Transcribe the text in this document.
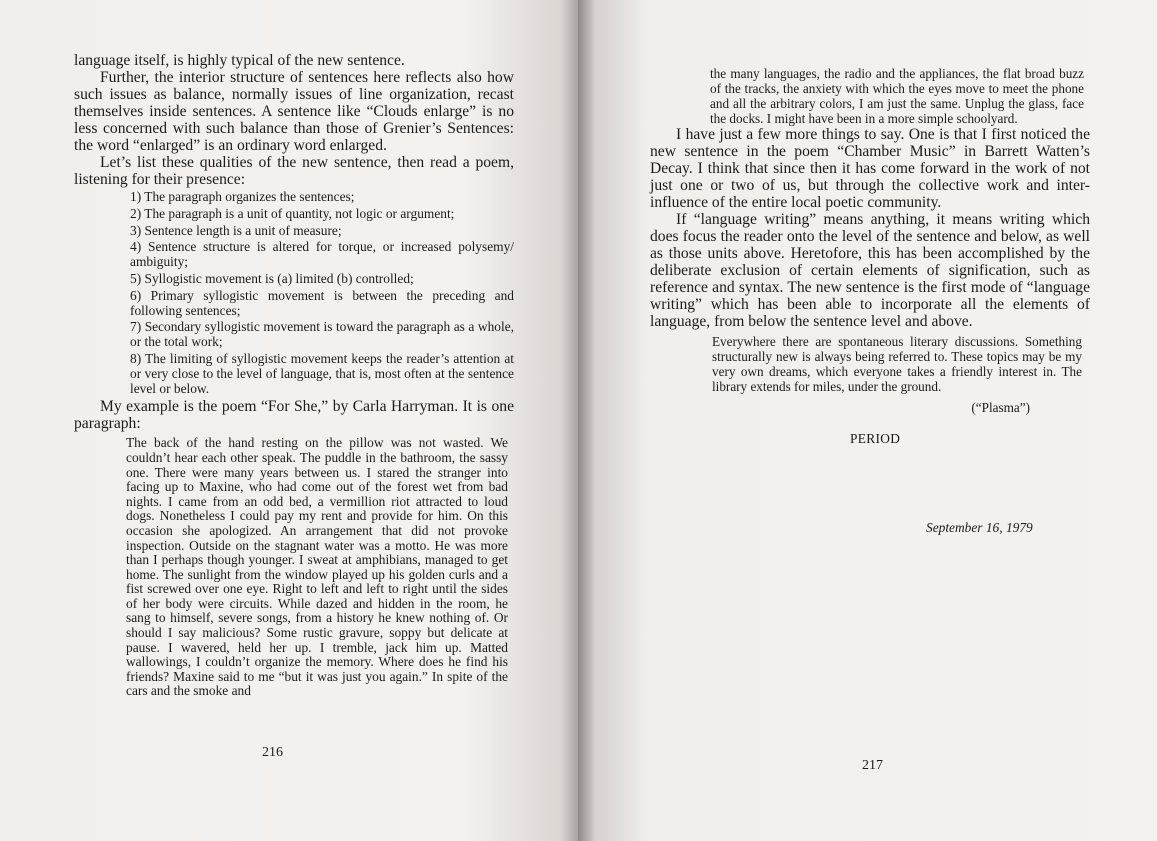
language itself, is highly typical of the new sentence.

Further, the interior structure of sentences here reflects also how such issues as balance, normally issues of line organization, recast themselves inside sentences. A sentence like “Clouds enlarge” is no less concerned with such balance than those of Grenier’s Sentences: the word “enlarged” is an ordinary word enlarged.

Let’s list these qualities of the new sentence, then read a poem, listening for their presence:

1) The paragraph organizes the sentences;

2) The paragraph is a unit of quantity, not logic or argument;

3) Sentence length is a unit of measure;

4) Sentence structure is altered for torque, or increased polysemy/ ambiguity;

5) Syllogistic movement is (a) limited (b) controlled;

6) Primary syllogistic movement is between the preceding and following sentences;

7) Secondary syllogistic movement is toward the paragraph as a whole, or the total work;

8) The limiting of syllogistic movement keeps the reader’s attention at or very close to the level of language, that is, most often at the sentence level or below.

My example is the poem “For She,” by Carla Harryman. It is one paragraph:

The back of the hand resting on the pillow was not wasted. We couldn’t hear each other speak. The puddle in the bathroom, the sassy one. There were many years between us. I stared the stranger into facing up to Maxine, who had come out of the forest wet from bad nights. I came from an odd bed, a vermillion riot attracted to loud dogs. Nonetheless I could pay my rent and provide for him. On this occasion she apologized. An arrangement that did not provoke inspection. Outside on the stagnant water was a motto. He was more than I perhaps though younger. I sweat at amphibians, managed to get home. The sunlight from the window played up his golden curls and a fist screwed over one eye. Right to left and left to right until the sides of her body were circuits. While dazed and hidden in the room, he sang to himself, severe songs, from a history he knew nothing of. Or should I say malicious? Some rustic gravure, soppy but delicate at pause. I wavered, held her up. I tremble, jack him up. Matted wallowings, I couldn’t organize the memory. Where does he find his friends? Maxine said to me “but it was just you again.” In spite of the cars and the smoke and

216

the many languages, the radio and the appliances, the flat broad buzz of the tracks, the anxiety with which the eyes move to meet the phone and all the arbitrary colors, I am just the same. Unplug the glass, face the docks. I might have been in a more simple schoolyard.

I have just a few more things to say. One is that I first noticed the new sentence in the poem “Chamber Music” in Barrett Watten’s Decay. I think that since then it has come forward in the work of not just one or two of us, but through the collective work and inter-influence of the entire local poetic community.

If “language writing” means anything, it means writing which does focus the reader onto the level of the sentence and below, as well as those units above. Heretofore, this has been accomplished by the deliberate exclusion of certain elements of signification, such as reference and syntax. The new sentence is the first mode of “language writing” which has been able to incorporate all the elements of language, from below the sentence level and above.

Everywhere there are spontaneous literary discussions. Something structurally new is always being referred to. These topics may be my very own dreams, which everyone takes a friendly interest in. The library extends for miles, under the ground.

(“Plasma”)

PERIOD
September 16, 1979
217
